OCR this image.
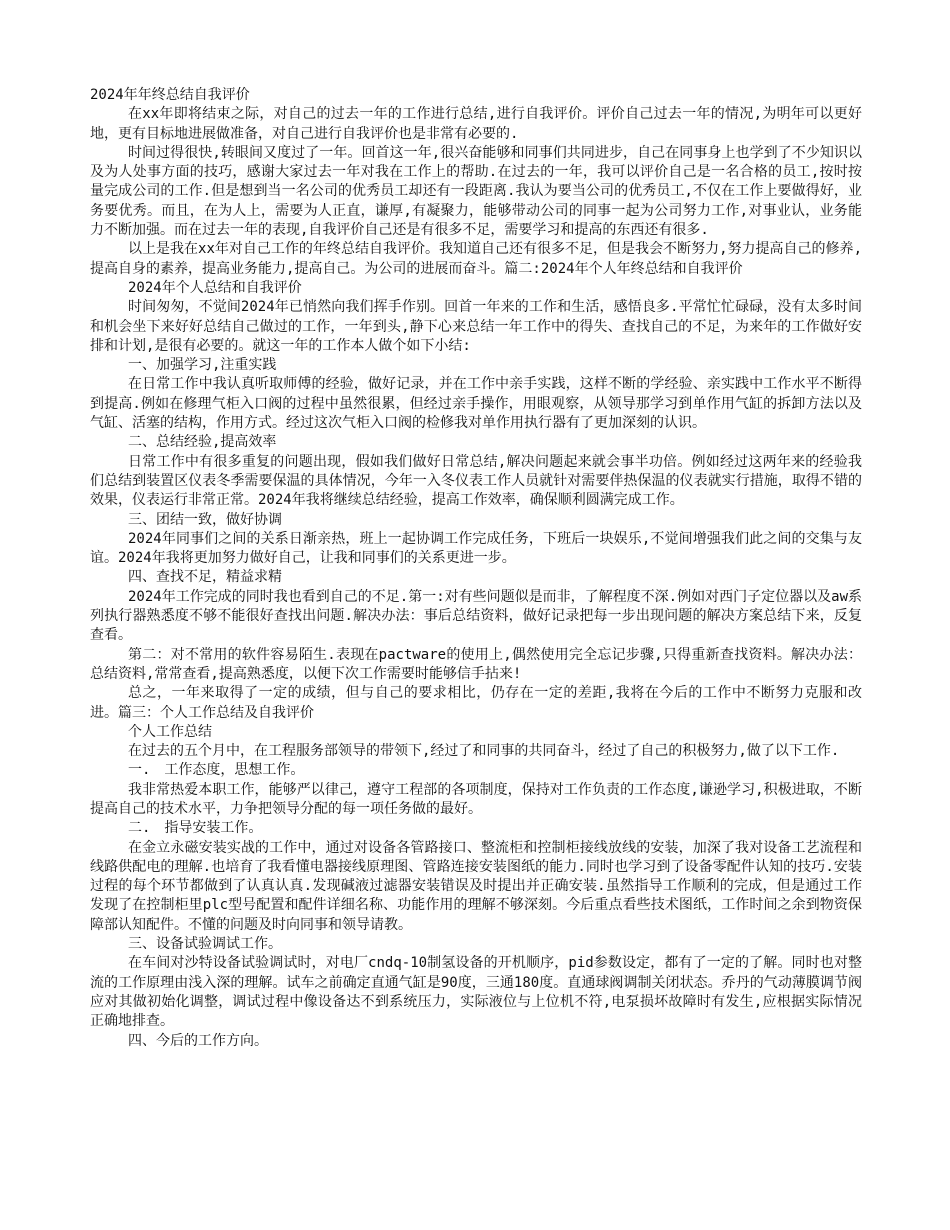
2024年年终总结自我评价

在xx年即将结束之际，对自己的过去一年的工作进行总结,进行自我评价。评价自己过去一年的情况,为明年可以更好地，更有目标地进展做准备，对自己进行自我评价也是非常有必要的.

时间过得很快,转眼间又度过了一年。回首这一年,很兴奋能够和同事们共同进步，自己在同事身上也学到了不少知识以及为人处事方面的技巧，感谢大家过去一年对我在工作上的帮助.在过去的一年，我可以评价自己是一名合格的员工,按时按量完成公司的工作.但是想到当一名公司的优秀员工却还有一段距离.我认为要当公司的优秀员工,不仅在工作上要做得好，业务要优秀。而且，在为人上，需要为人正直，谦厚,有凝聚力，能够带动公司的同事一起为公司努力工作,对事业认，业务能力不断加强。而在过去一年的表现,自我评价自己还是有很多不足，需要学习和提高的东西还有很多.

以上是我在xx年对自己工作的年终总结自我评价。我知道自己还有很多不足，但是我会不断努力,努力提高自己的修养,提高自身的素养，提高业务能力,提高自己。为公司的进展而奋斗。篇二:2024年个人年终总结和自我评价

2024年个人总结和自我评价

时间匆匆，不觉间2024年已悄然向我们挥手作别。回首一年来的工作和生活，感悟良多.平常忙忙碌碌，没有太多时间和机会坐下来好好总结自己做过的工作，一年到头,静下心来总结一年工作中的得失、查找自己的不足，为来年的工作做好安排和计划,是很有必要的。就这一年的工作本人做个如下小结:

一、加强学习,注重实践

在日常工作中我认真听取师傅的经验，做好记录，并在工作中亲手实践，这样不断的学经验、亲实践中工作水平不断得到提高.例如在修理气柜入口阀的过程中虽然很累，但经过亲手操作，用眼观察，从领导那学习到单作用气缸的拆卸方法以及气缸、活塞的结构，作用方式。经过这次气柜入口阀的检修我对单作用执行器有了更加深刻的认识。

二、总结经验,提高效率

日常工作中有很多重复的问题出现，假如我们做好日常总结,解决问题起来就会事半功倍。例如经过这两年来的经验我们总结到装置区仪表冬季需要保温的具体情况，今年一入冬仪表工作人员就针对需要伴热保温的仪表就实行措施，取得不错的效果，仪表运行非常正常。2024年我将继续总结经验，提高工作效率，确保顺利圆满完成工作。

三、团结一致，做好协调

2024年同事们之间的关系日渐亲热，班上一起协调工作完成任务，下班后一块娱乐,不觉间增强我们此之间的交集与友谊。2024年我将更加努力做好自己，让我和同事们的关系更进一步。

四、查找不足，精益求精

2024年工作完成的同时我也看到自己的不足.第一:对有些问题似是而非，了解程度不深.例如对西门子定位器以及aw系列执行器熟悉度不够不能很好查找出问题.解决办法：事后总结资料，做好记录把每一步出现问题的解决方案总结下来，反复查看。

第二：对不常用的软件容易陌生.表现在pactware的使用上,偶然使用完全忘记步骤,只得重新查找资料。解决办法：总结资料,常常查看,提高熟悉度，以便下次工作需要时能够信手拈来!

总之，一年来取得了一定的成绩，但与自己的要求相比，仍存在一定的差距,我将在今后的工作中不断努力克服和改进。篇三：个人工作总结及自我评价

个人工作总结

在过去的五个月中，在工程服务部领导的带领下,经过了和同事的共同奋斗，经过了自己的积极努力,做了以下工作.

一.　工作态度，思想工作。

我非常热爱本职工作，能够严以律己，遵守工程部的各项制度，保持对工作负责的工作态度,谦逊学习,积极进取，不断提高自己的技术水平，力争把领导分配的每一项任务做的最好。

二.　指导安装工作。

在金立永磁安装实战的工作中，通过对设备各管路接口、整流柜和控制柜接线放线的安装，加深了我对设备工艺流程和线路供配电的理解.也培育了我看懂电器接线原理图、管路连接安装图纸的能力.同时也学习到了设备零配件认知的技巧.安装过程的每个环节都做到了认真认真.发现碱液过滤器安装错误及时提出并正确安装.虽然指导工作顺利的完成，但是通过工作发现了在控制柜里plc型号配置和配件详细名称、功能作用的理解不够深刻。今后重点看些技术图纸，工作时间之余到物资保障部认知配件。不懂的问题及时向同事和领导请教。

三、设备试验调试工作。

在车间对沙特设备试验调试时，对电厂cndq-10制氢设备的开机顺序，pid参数设定，都有了一定的了解。同时也对整流的工作原理由浅入深的理解。试车之前确定直通气缸是90度，三通180度。直通球阀调制关闭状态。乔丹的气动薄膜调节阀应对其做初始化调整，调试过程中像设备达不到系统压力，实际液位与上位机不符,电泵损坏故障时有发生,应根据实际情况正确地排查。

四、今后的工作方向。
